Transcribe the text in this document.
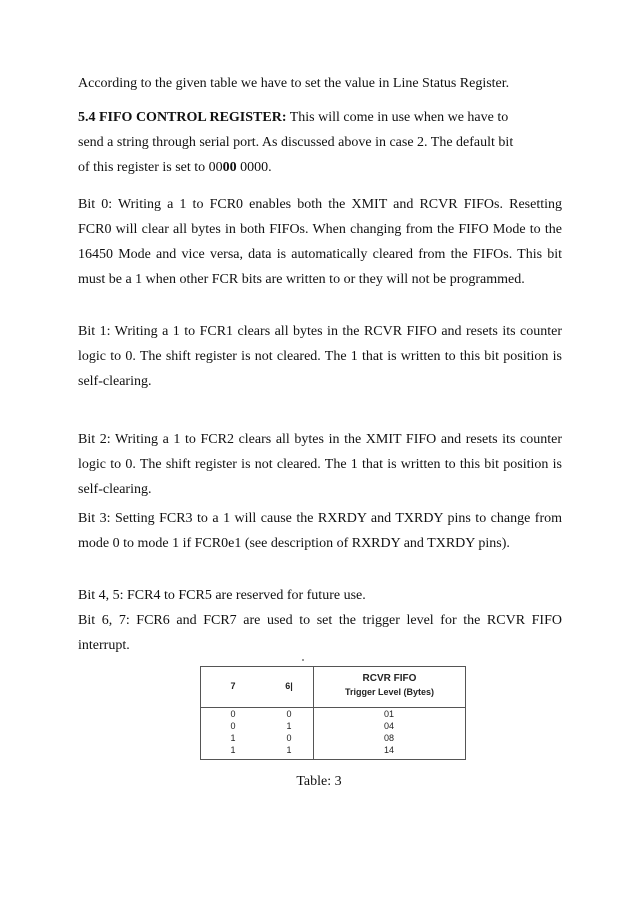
According to the given table we have to set the value in Line Status Register.

5.4 FIFO CONTROL REGISTER: This will come in use when we have to
send a string through serial port. As discussed above in case 2. The default bit
of this register is set to 0000 0000.

Bit 0: Writing a 1 to FCR0 enables both the XMIT and RCVR FIFOs. Resetting FCR0 will clear all bytes in both FIFOs. When changing from the FIFO Mode to the 16450 Mode and vice versa, data is automatically cleared from the FIFOs. This bit must be a 1 when other FCR bits are written to or they will not be programmed.

Bit 1: Writing a 1 to FCR1 clears all bytes in the RCVR FIFO and resets its counter logic to 0. The shift register is not cleared. The 1 that is written to this bit position is self-clearing.

Bit 2: Writing a 1 to FCR2 clears all bytes in the XMIT FIFO and resets its counter logic to 0. The shift register is not cleared. The 1 that is written to this bit position is self-clearing.

Bit 3: Setting FCR3 to a 1 will cause the RXRDY and TXRDY pins to change from mode 0 to mode 1 if FCR0e1 (see description of RXRDY and TXRDY pins).

Bit 4, 5: FCR4 to FCR5 are reserved for future use.

Bit 6, 7: FCR6 and FCR7 are used to set the trigger level for the RCVR FIFO interrupt.

7	6|
RCVR FIFO
Trigger Level (Bytes)
0	0	01
0	1	04
1	0	08
1	1	14
Table: 3
